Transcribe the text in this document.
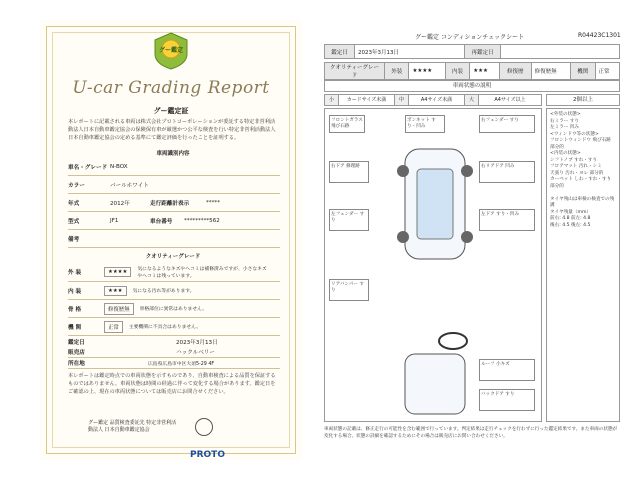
グー鑑定
U-car Grading Report
グー鑑定証
本レポートに記載される車両は株式会社プロトコーポレーションが委託する特定非営利活動法人日本自動車鑑定協会の保険保有車が厳選かつ公平な検査を行い特定非営利活動法人日本自動車鑑定協会の定める基準にて鑑定評価を行ったことを証明する。
車両識別内容
車名・グレード N-BOX
カラー	パールホワイト
年式	2012年	走行距離計表示	*****
型式	JF1	車台番号	*********562
備考
クオリティーグレード
外 装	★★★★	気になるようなキズやヘコミは補修済みですが、小さなキズやヘコミは残っています。
内 装	★★★	気になる汚れ等があります。
骨 格	修復歴無	骨格部位に異常はありません。
機 関	正常	主要機関に不具合はありません。
鑑定日	2023年3月13日
販売店	ハックルベリー
所在地	広島県広島市中区大須5-29 4F
本レポートは鑑定時点での車両状態を示すものであり、自動車検査による品質を保証するものではありません。車両状態は時間の経過に伴って変化する場合があります。鑑定日をご確認の上、現在の車両状態については販売店にお問合せください。
グー鑑定 品質検査委託先 特定非営利活動法人 日本自動車鑑定協会
PROTO
グー鑑定 コンディションチェックシート	R04423C1301
鑑定日	2023年3月13日	再鑑定日	
クオリティーグレード	外装	★★★★	内装	★★★	修復歴	修復歴無	機関	正常
車両状態の説明
小	カードサイズ未満	中	A4サイズ未満	大	A4サイズ以上	2個以上
フロントガラス 飛び石跡
ボンネット すり・凹み
右フェンダー すり
右ドア 修理跡	右リアドア 凹み
左フェンダー すり
左ドア すり・凹み
リアバンパー すり
ルーフ 小キズ
バックドア すり
<外装の状態>
右ミラー すり
左ミラー 凹み
<ウィンドウ等の状態>
フロントウィンドウ 飛び石跡 部分的
<内装の状態>
シフトノブ すれ・すり
フロアマット 汚れ・シミ
天張り 汚れ・ヨレ 部分的
カーペット しわ・すれ・すり 部分的

タイヤ残山は車検の検査での残溝
タイヤ残量（mm）
前右: 4.8 前左: 4.8
後右: 4.5 後左: 4.5
車両状態の記載は、修正走行の可能性を含む範囲で行っています。判定結果は走行チェックを行わずに行った鑑定結果です。また車両の状態が変化する場合、状態の詳細を確認するためにその場合は販売店にお問い合わせください。
